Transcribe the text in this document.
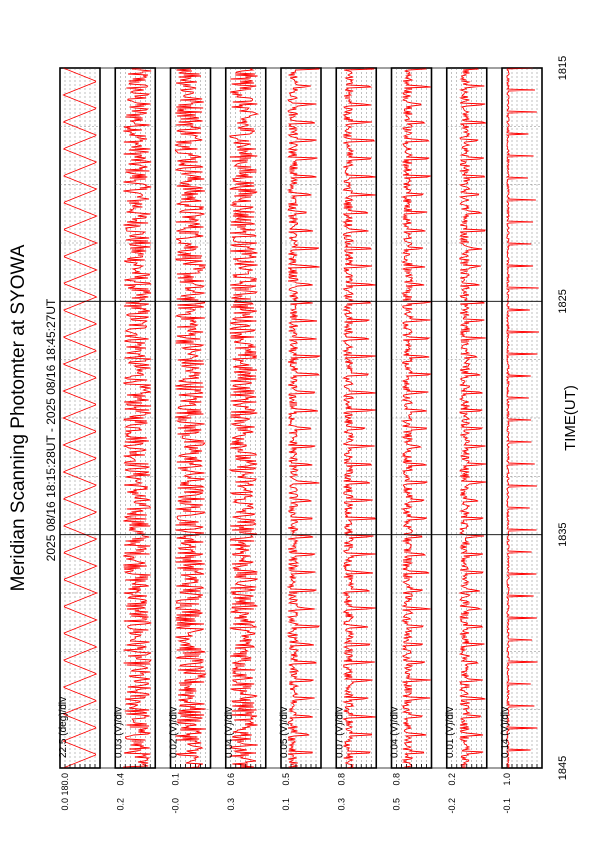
Meridian Scanning Photomter at SYOWA 2025 08/16 18:15:28UT - 2025 08/16 18:45:27UT	TIME(UT)
180.0
0.0
22.5 (deg)/div
0.4
0.2
0.03 (V)/div
0.1
-0.0
0.02 (V)/div
0.6
0.3
0.04 (V)/div
0.5
0.1
0.05 (V)/div
0.8
0.3
0.07 (V)/div
0.8
0.5
0.04 (V)/div
0.2
-0.2
0.01 (V)/div
1.0
-0.1
0.14 (V)/div
1815
1825
1835
1845
